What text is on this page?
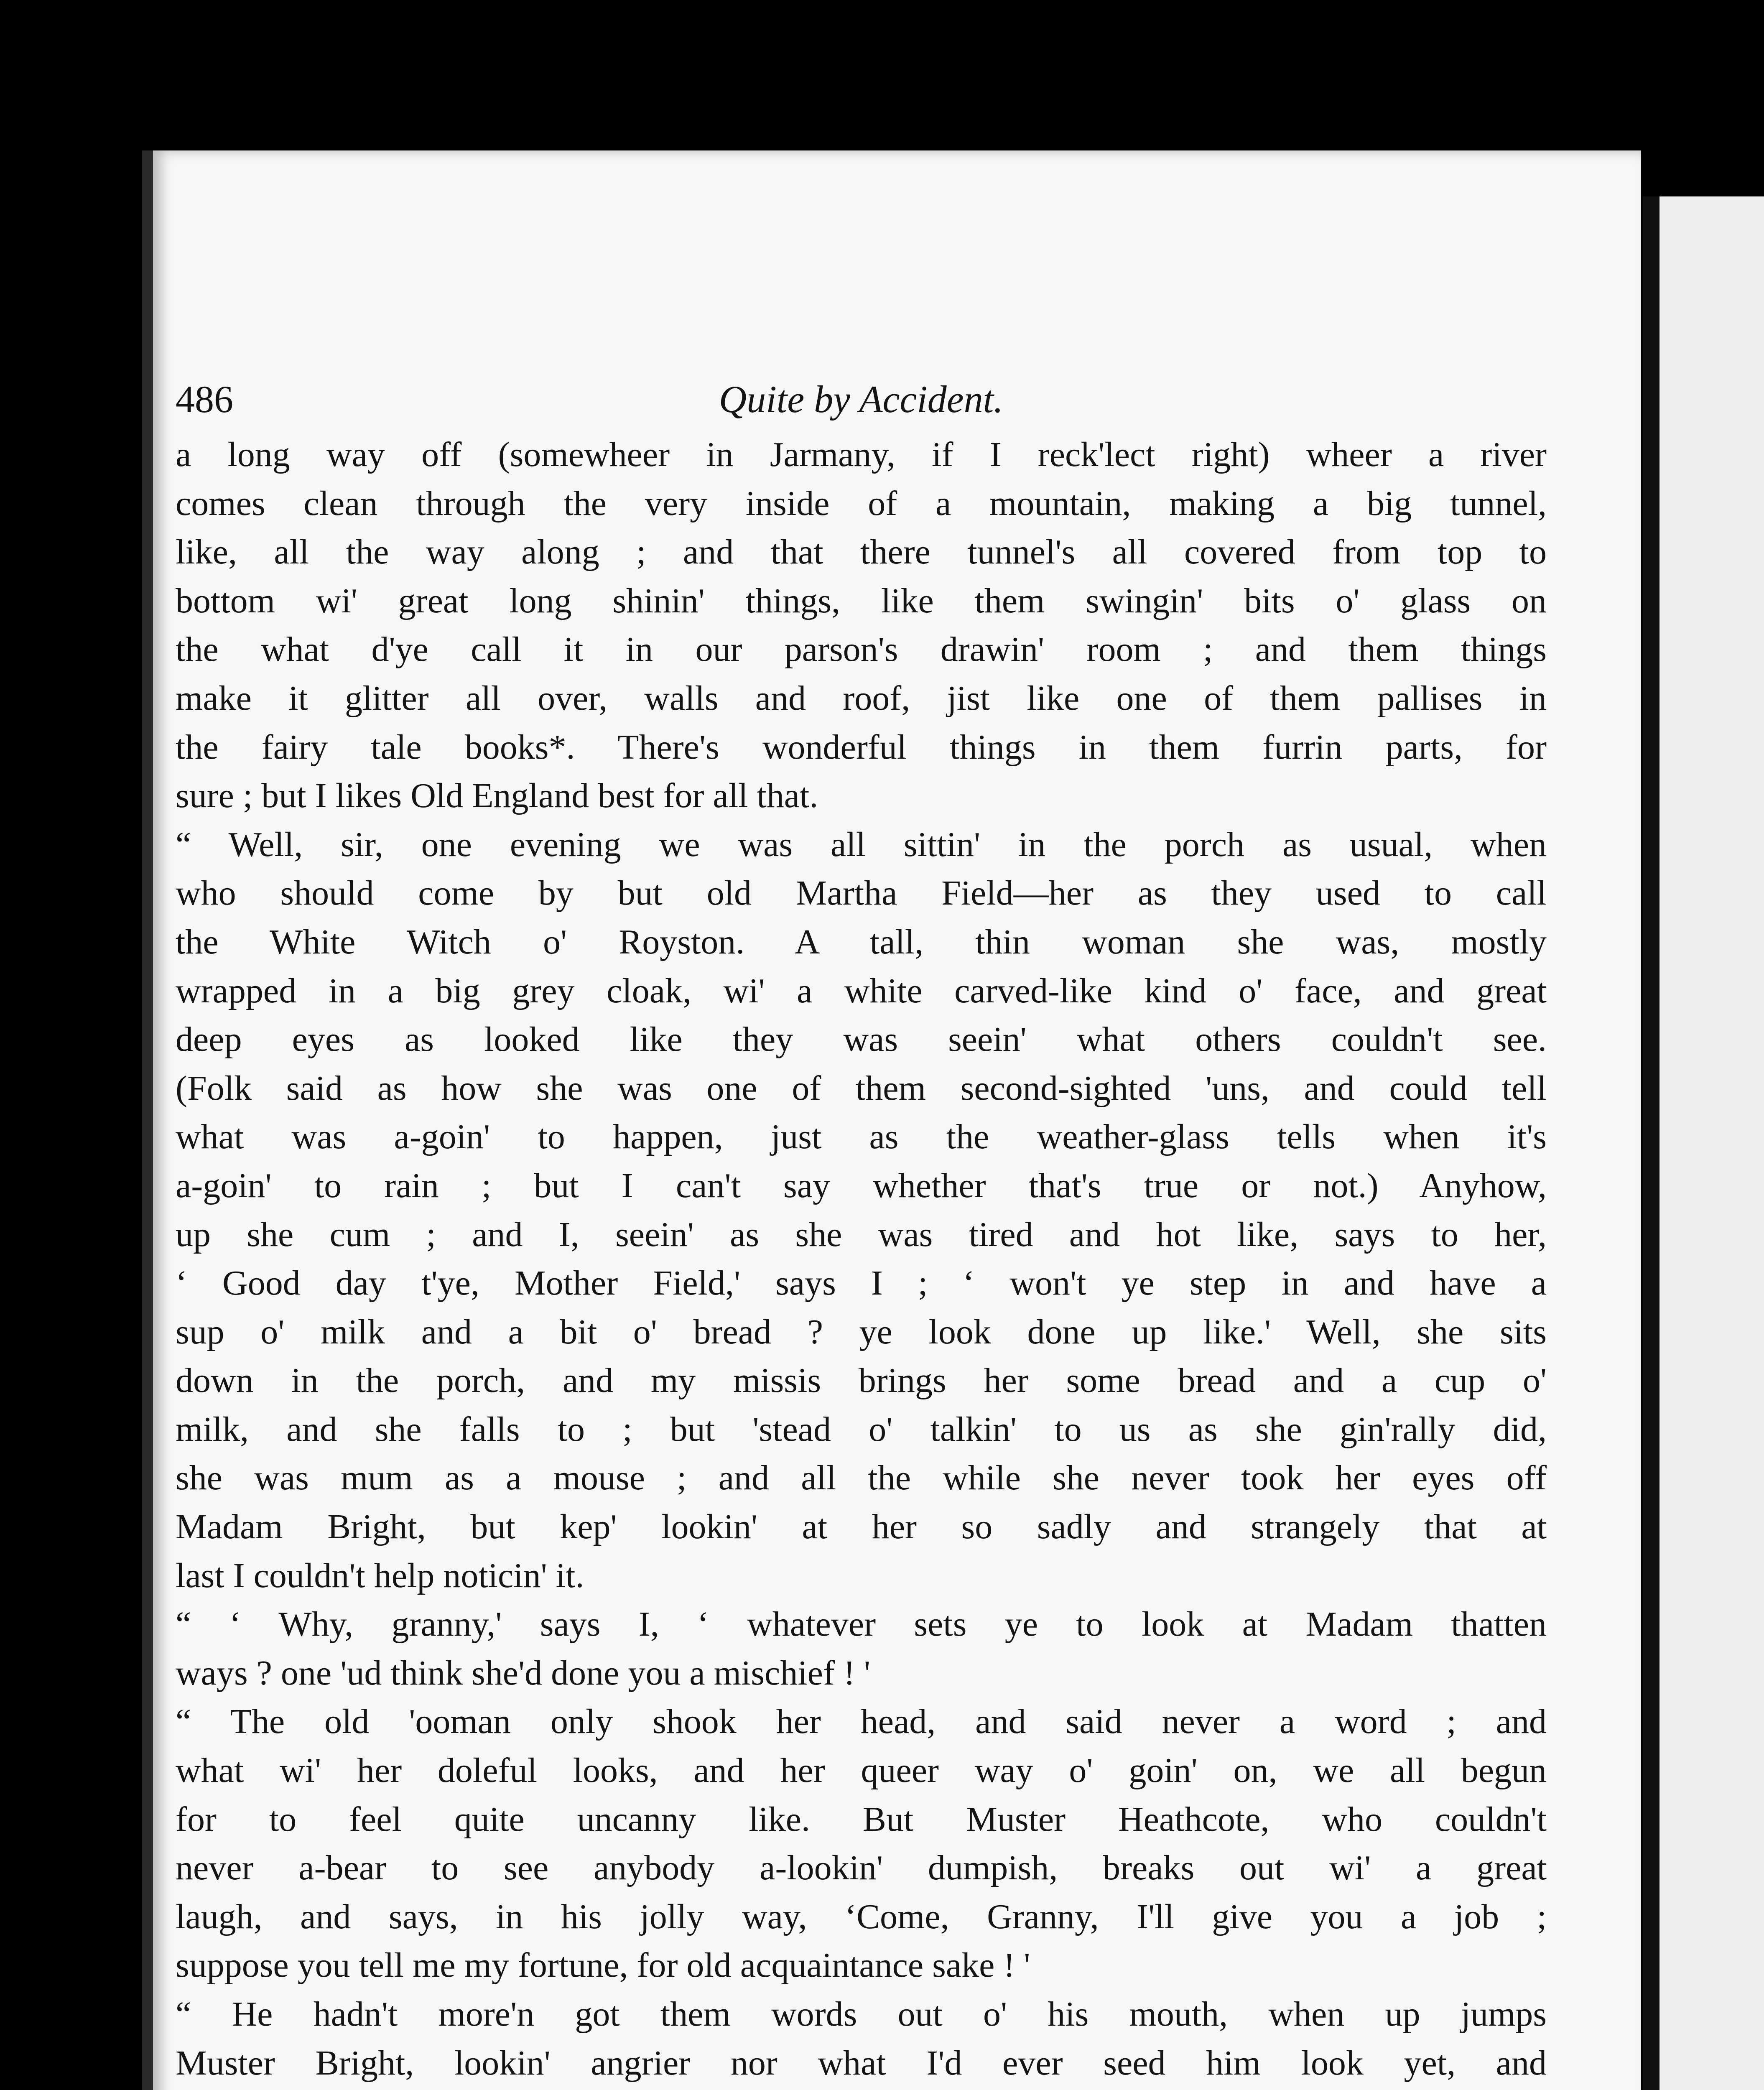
486	Quite by Accident.
a long way off (somewheer in Jarmany, if I reck'lect right) wheer a river
comes clean through the very inside of a mountain, making a big tunnel,
like, all the way along ; and that there tunnel's all covered from top to
bottom wi' great long shinin' things, like them swingin' bits o' glass on
the what d'ye call it in our parson's drawin' room ; and them things
make it glitter all over, walls and roof, jist like one of them pallises in
the fairy tale books*. There's wonderful things in them furrin parts, for
sure ; but I likes Old England best for all that.
“ Well, sir, one evening we was all sittin' in the porch as usual, when
who should come by but old Martha Field—her as they used to call
the White Witch o' Royston. A tall, thin woman she was, mostly
wrapped in a big grey cloak, wi' a white carved-like kind o' face, and great
deep eyes as looked like they was seein' what others couldn't see.
(Folk said as how she was one of them second-sighted 'uns, and could tell
what was a-goin' to happen, just as the weather-glass tells when it's
a-goin' to rain ; but I can't say whether that's true or not.) Anyhow,
up she cum ; and I, seein' as she was tired and hot like, says to her,
‘ Good day t'ye, Mother Field,' says I ; ‘ won't ye step in and have a
sup o' milk and a bit o' bread ? ye look done up like.' Well, she sits
down in the porch, and my missis brings her some bread and a cup o'
milk, and she falls to ; but 'stead o' talkin' to us as she gin'rally did,
she was mum as a mouse ; and all the while she never took her eyes off
Madam Bright, but kep' lookin' at her so sadly and strangely that at
last I couldn't help noticin' it.
“ ‘ Why, granny,' says I, ‘ whatever sets ye to look at Madam thatten
ways ? one 'ud think she'd done you a mischief ! '
“ The old 'ooman only shook her head, and said never a word ; and
what wi' her doleful looks, and her queer way o' goin' on, we all begun
for to feel quite uncanny like. But Muster Heathcote, who couldn't
never a-bear to see anybody a-lookin' dumpish, breaks out wi' a great
laugh, and says, in his jolly way, ‘Come, Granny, I'll give you a job ;
suppose you tell me my fortune, for old acquaintance sake ! '
“ He hadn't more'n got them words out o' his mouth, when up jumps
Muster Bright, lookin' angrier nor what I'd ever seed him look yet, and
